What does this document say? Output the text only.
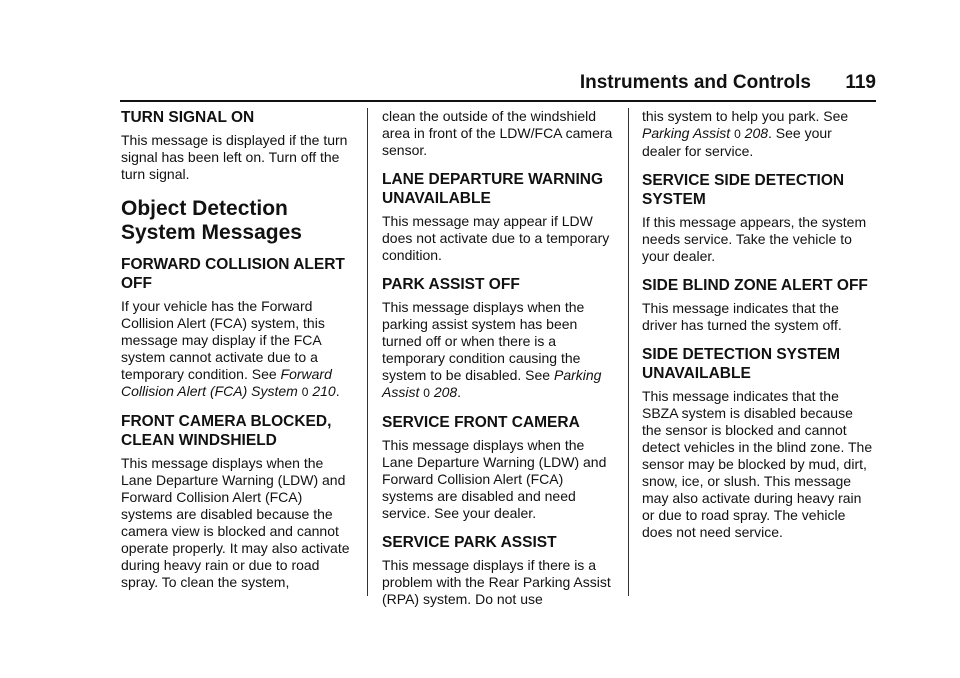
Instruments and Controls 119
TURN SIGNAL ON

This message is displayed if the turn signal has been left on. Turn off the turn signal.

Object Detection System Messages
FORWARD COLLISION ALERT OFF

If your vehicle has the Forward Collision Alert (FCA) system, this message may display if the FCA system cannot activate due to a temporary condition. See Forward Collision Alert (FCA) System 0 210.

FRONT CAMERA BLOCKED, CLEAN WINDSHIELD

This message displays when the Lane Departure Warning (LDW) and Forward Collision Alert (FCA) systems are disabled because the camera view is blocked and cannot operate properly. It may also activate during heavy rain or due to road spray. To clean the system,

clean the outside of the windshield area in front of the LDW/FCA camera sensor.

LANE DEPARTURE WARNING UNAVAILABLE

This message may appear if LDW does not activate due to a temporary condition.

PARK ASSIST OFF

This message displays when the parking assist system has been turned off or when there is a temporary condition causing the system to be disabled. See Parking Assist 0 208.

SERVICE FRONT CAMERA

This message displays when the Lane Departure Warning (LDW) and Forward Collision Alert (FCA) systems are disabled and need service. See your dealer.

SERVICE PARK ASSIST

This message displays if there is a problem with the Rear Parking Assist (RPA) system. Do not use

this system to help you park. See Parking Assist 0 208. See your dealer for service.

SERVICE SIDE DETECTION SYSTEM

If this message appears, the system needs service. Take the vehicle to your dealer.

SIDE BLIND ZONE ALERT OFF

This message indicates that the driver has turned the system off.

SIDE DETECTION SYSTEM UNAVAILABLE

This message indicates that the SBZA system is disabled because the sensor is blocked and cannot detect vehicles in the blind zone. The sensor may be blocked by mud, dirt, snow, ice, or slush. This message may also activate during heavy rain or due to road spray. The vehicle does not need service.
